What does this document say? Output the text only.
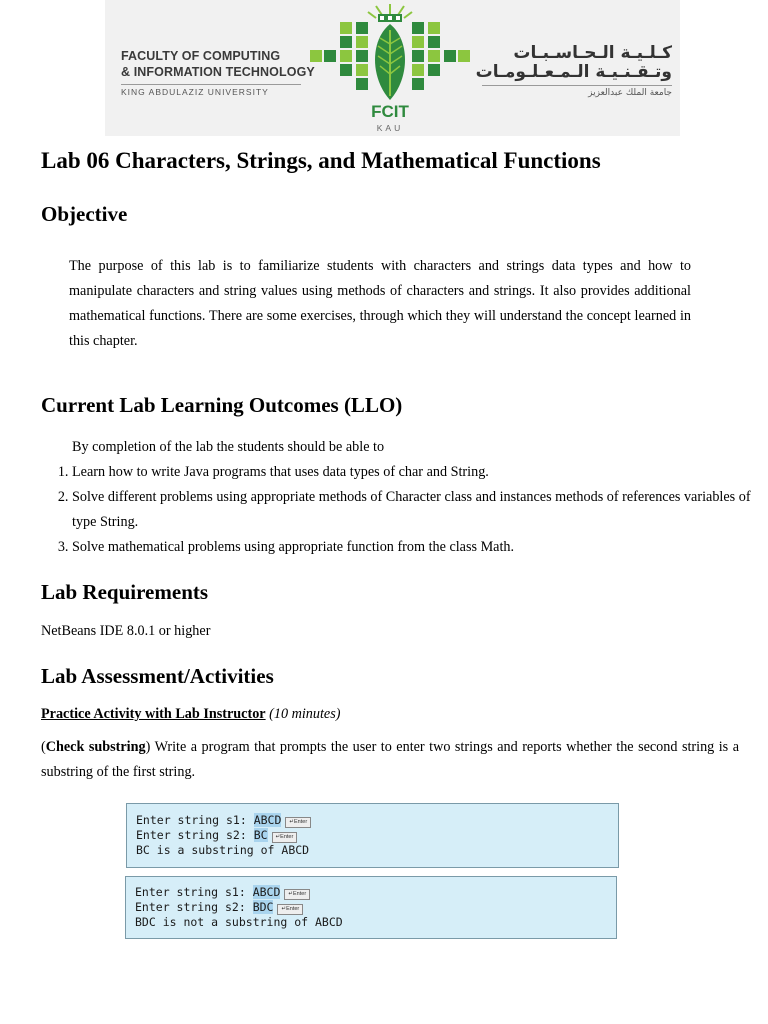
FACULTY OF COMPUTING
& INFORMATION TECHNOLOGY
KING ABDULAZIZ UNIVERSITY
FCIT
KAU
كـلـيـة الـحـاسـبـات
وتـقـنـيـة الـمـعـلـومـات
جامعة الملك عبدالعزيز
Lab 06 Characters, Strings, and Mathematical Functions
Objective
The purpose of this lab is to familiarize students with characters and strings data types and how to manipulate characters and string values using methods of characters and strings. It also provides additional mathematical functions. There are some exercises, through which they will understand the concept learned in this chapter.
Current Lab Learning Outcomes (LLO)
By completion of the lab the students should be able to
1. Learn how to write Java programs that uses data types of char and String.
2. Solve different problems using appropriate methods of Character class and instances methods of references variables of type String.
3. Solve mathematical problems using appropriate function from the class Math.
Lab Requirements
NetBeans IDE 8.0.1 or higher
Lab Assessment/Activities
Practice Activity with Lab Instructor (10 minutes)
(Check substring) Write a program that prompts the user to enter two strings and reports whether the second string is a substring of the first string.
Enter string s1: ABCD ↵Enter
Enter string s2: BC ↵Enter
BC is a substring of ABCD
Enter string s1: ABCD ↵Enter
Enter string s2: BDC ↵Enter
BDC is not a substring of ABCD
